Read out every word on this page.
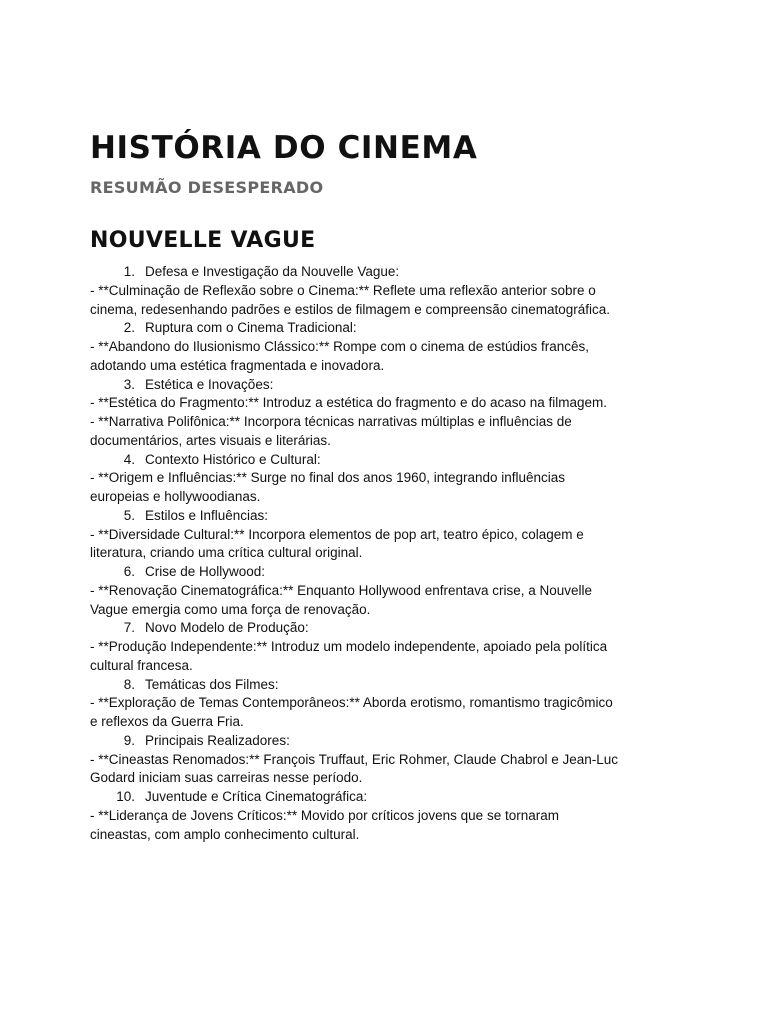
HISTÓRIA DO CINEMA
RESUMÃO DESESPERADO
NOUVELLE VAGUE
1. Defesa e Investigação da Nouvelle Vague:
- **Culminação de Reflexão sobre o Cinema:** Reflete uma reflexão anterior sobre o
cinema, redesenhando padrões e estilos de filmagem e compreensão cinematográfica.
2. Ruptura com o Cinema Tradicional:
- **Abandono do Ilusionismo Clássico:** Rompe com o cinema de estúdios francês,
adotando uma estética fragmentada e inovadora.
3. Estética e Inovações:
- **Estética do Fragmento:** Introduz a estética do fragmento e do acaso na filmagem.
- **Narrativa Polifônica:** Incorpora técnicas narrativas múltiplas e influências de
documentários, artes visuais e literárias.
4. Contexto Histórico e Cultural:
- **Origem e Influências:** Surge no final dos anos 1960, integrando influências
europeias e hollywoodianas.
5. Estilos e Influências:
- **Diversidade Cultural:** Incorpora elementos de pop art, teatro épico, colagem e
literatura, criando uma crítica cultural original.
6. Crise de Hollywood:
- **Renovação Cinematográfica:** Enquanto Hollywood enfrentava crise, a Nouvelle
Vague emergia como uma força de renovação.
7. Novo Modelo de Produção:
- **Produção Independente:** Introduz um modelo independente, apoiado pela política
cultural francesa.
8. Temáticas dos Filmes:
- **Exploração de Temas Contemporâneos:** Aborda erotismo, romantismo tragicômico
e reflexos da Guerra Fria.
9. Principais Realizadores:
- **Cineastas Renomados:** François Truffaut, Eric Rohmer, Claude Chabrol e Jean-Luc
Godard iniciam suas carreiras nesse período.
10. Juventude e Crítica Cinematográfica:
- **Liderança de Jovens Críticos:** Movido por críticos jovens que se tornaram
cineastas, com amplo conhecimento cultural.
